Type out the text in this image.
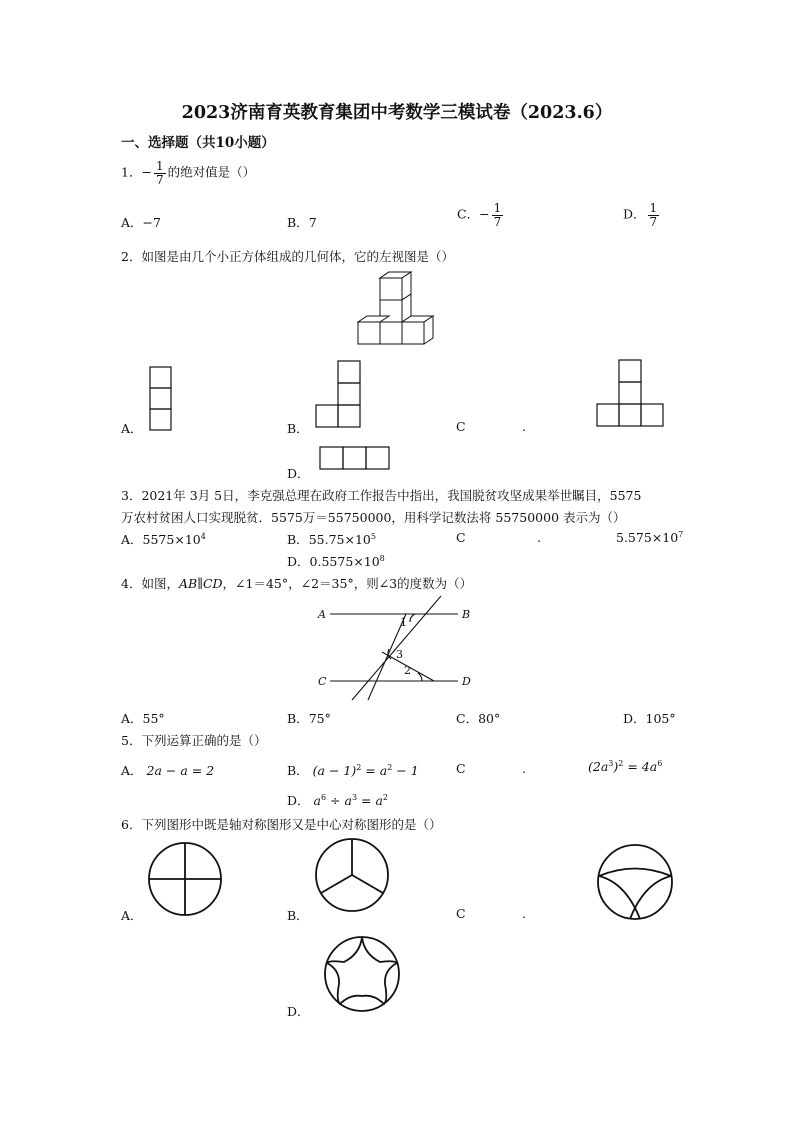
2023济南育英教育集团中考数学三模试卷（2023.6）
一、选择题（共10小题）
1．− $\frac{1}{7}$ 的绝对值是（）
A．−7	B．7
C．− $\frac{1}{7}$	D． $\frac{1}{7}$
2．如图是由几个小正方体组成的几何体，它的左视图是（）
A．	B．	C	.
D．
3．2021年 3月 5日，李克强总理在政府工作报告中指出，我国脱贫攻坚成果举世瞩目，5575
万农村贫困人口实现脱贫．5575万＝55750000，用科学记数法将 55750000 表示为（）
A．$5575\times 10^4$	B．$55.75\times 10^5$	C	.	$5.575\times 10^7$
D．$0.5575\times 10^8$
4．如图，AB∥CD，∠1＝45°，∠2＝35°，则∠3的度数为（）
A	B
C	D
1
2
3
A．55°	B．75°	C．80°	D．105°
5．下列运算正确的是（）
A． 2a − a = 2	B． $(a - 1)^2 = a^2 - 1$	C	.	$(2a^3)^2 = 4a^6$
D． $a^6 \div a^3 = a^2$
6．下列图形中既是轴对称图形又是中心对称图形的是（）
A．	B．	C	.
D．
